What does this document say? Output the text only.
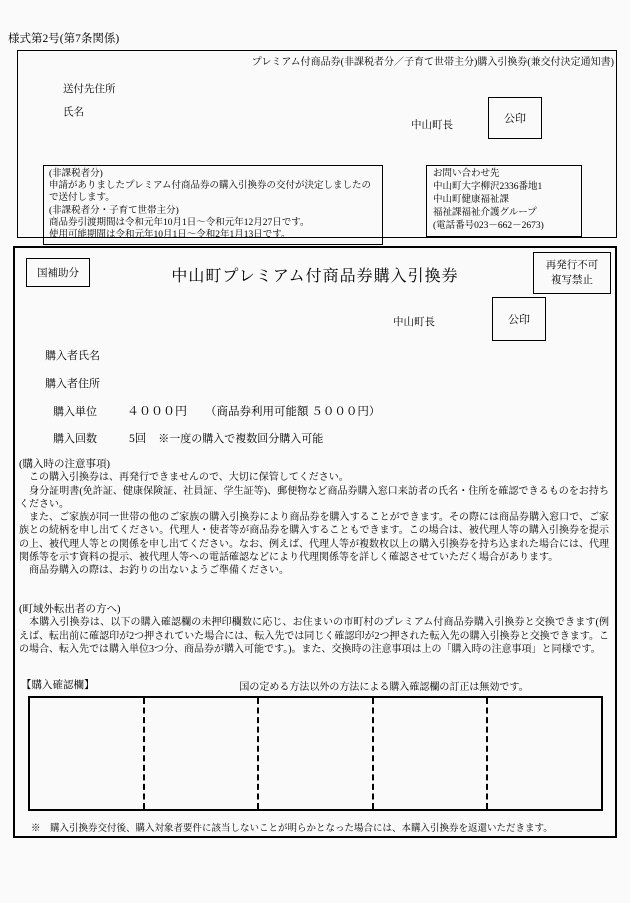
様式第2号(第7条関係)
プレミアム付商品券(非課税者分／子育て世帯主分)購入引換券(兼交付決定通知書)
送付先住所
氏名
中山町長
公印
(非課税者分)
申請がありましたプレミアム付商品券の購入引換券の交付が決定しましたので送付します。
(非課税者分・子育て世帯主分)
商品券引渡期間は令和元年10月1日～令和元年12月27日です。
使用可能期間は令和元年10月1日～令和2年1月13日です。
お問い合わせ先
中山町大字柳沢2336番地1
中山町健康福祉課
福祉課福祉介護グループ
(電話番号023－662－2673)
国補助分	中山町プレミアム付商品券購入引換券
再発行不可
複写禁止
中山町長	公印
購入者氏名
購入者住所
購入単位	４０００円 （商品券利用可能額 ５０００円）
購入回数	5回 ※一度の購入で複数回分購入可能
(購入時の注意事項)
　この購入引換券は、再発行できませんので、大切に保管してください。
　身分証明書(免許証、健康保険証、社員証、学生証等)、郵便物など商品券購入窓口来訪者の氏名・住所を確認できるものをお持ちください。
　また、ご家族が同一世帯の他のご家族の購入引換券により商品券を購入することができます。その際には商品券購入窓口で、ご家族との続柄を申し出てください。代理人・使者等が商品券を購入することもできます。この場合は、被代理人等の購入引換券を提示の上、被代理人等との関係を申し出てください。なお、例えば、代理人等が複数枚以上の購入引換券を持ち込まれた場合には、代理関係等を示す資料の提示、被代理人等への電話確認などにより代理関係等を詳しく確認させていただく場合があります。
　商品券購入の際は、お釣りの出ないようご準備ください。
(町域外転出者の方へ)
　本購入引換券は、以下の購入確認欄の未押印欄数に応じ、お住まいの市町村のプレミアム付商品券購入引換券と交換できます(例えば、転出前に確認印が2つ押されていた場合には、転入先では同じく確認印が2つ押された転入先の購入引換券と交換できます。この場合、転入先では購入単位3つ分、商品券が購入可能です。)。また、交換時の注意事項は上の「購入時の注意事項」と同様です。
【購入確認欄】	国の定める方法以外の方法による購入確認欄の訂正は無効です。
※　購入引換券交付後、購入対象者要件に該当しないことが明らかとなった場合には、本購入引換券を返還いただきます。
